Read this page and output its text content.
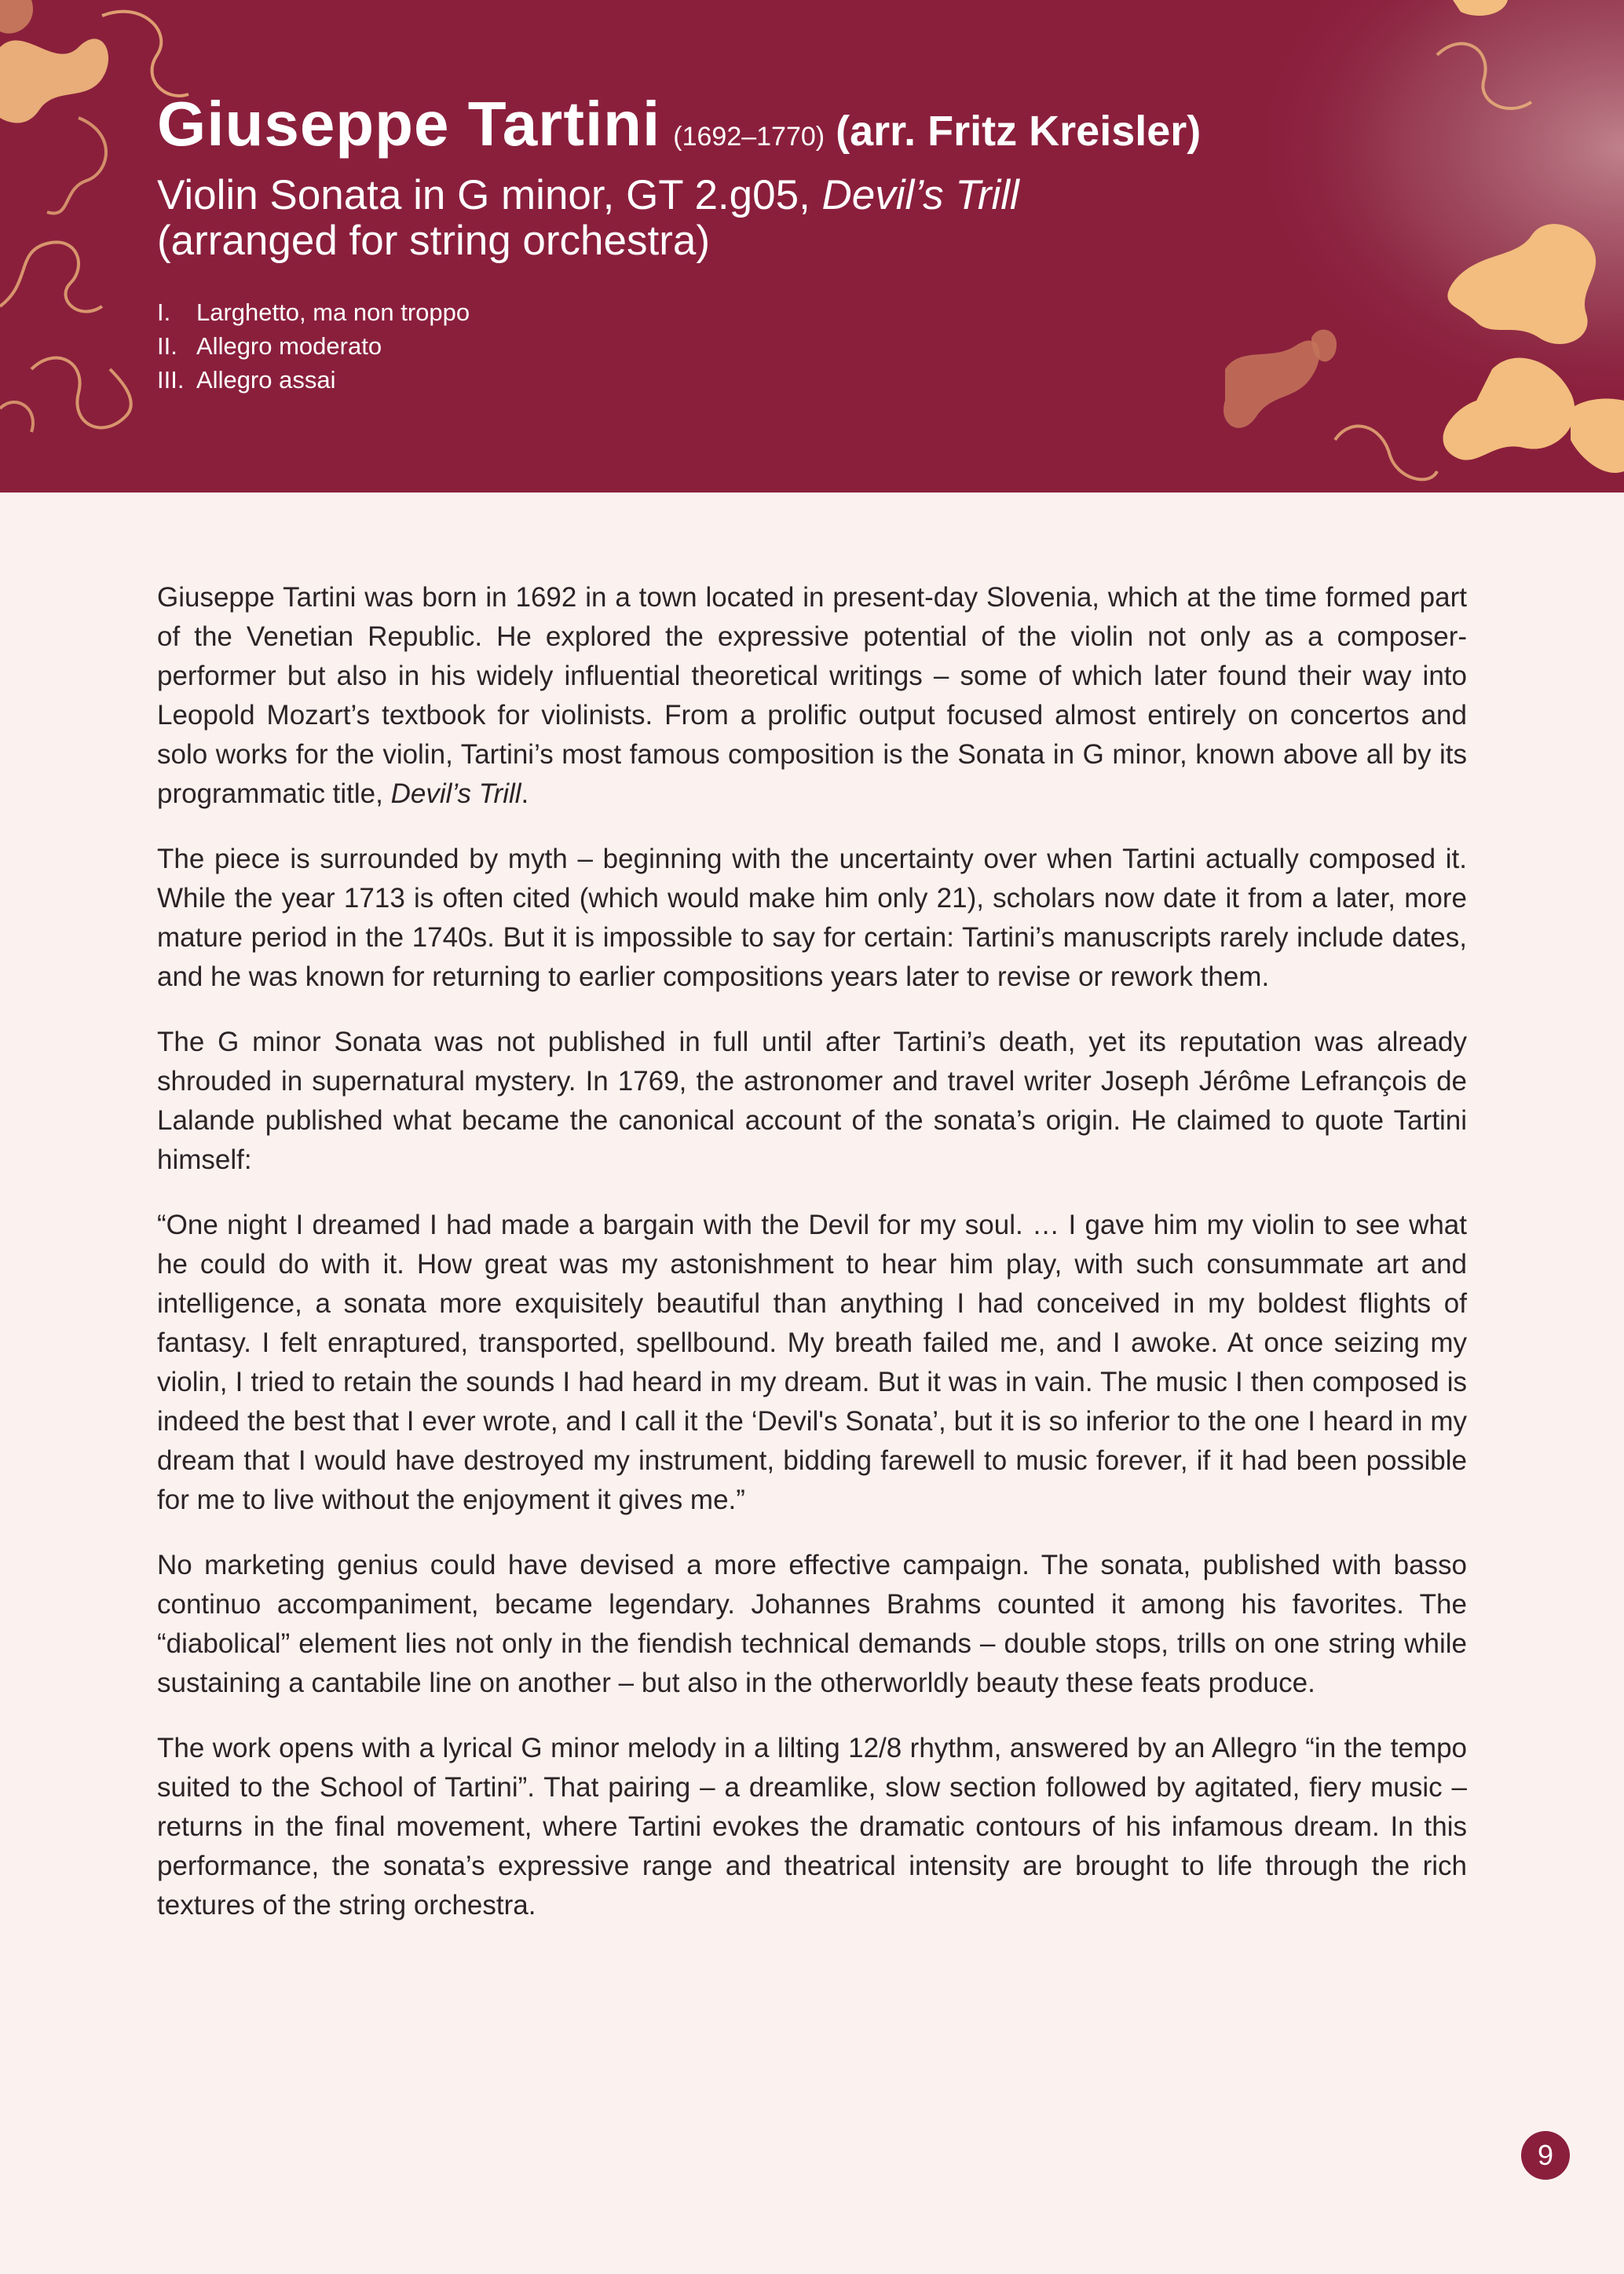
Giuseppe Tartini (1692–1770) (arr. Fritz Kreisler)
Violin Sonata in G minor, GT 2.g05, Devil’s Trill
(arranged for string orchestra)
I.	Larghetto, ma non troppo
II. Allegro moderato
III. Allegro assai

Giuseppe Tartini was born in 1692 in a town located in present-day Slovenia, which at the time formed part of the Venetian Republic. He explored the expressive potential of the violin not only as a composer-performer but also in his widely influential theoretical writings – some of which later found their way into Leopold Mozart’s textbook for violinists. From a prolific output focused almost entirely on concertos and solo works for the violin, Tartini’s most famous composition is the Sonata in G minor, known above all by its programmatic title, Devil’s Trill.

The piece is surrounded by myth – beginning with the uncertainty over when Tartini actually composed it. While the year 1713 is often cited (which would make him only 21), scholars now date it from a later, more mature period in the 1740s. But it is impossible to say for certain: Tartini’s manuscripts rarely include dates, and he was known for returning to earlier compositions years later to revise or rework them.

The G minor Sonata was not published in full until after Tartini’s death, yet its reputation was already shrouded in supernatural mystery. In 1769, the astronomer and travel writer Joseph Jérôme Lefrançois de Lalande published what became the canonical account of the sonata’s origin. He claimed to quote Tartini himself:

“One night I dreamed I had made a bargain with the Devil for my soul. … I gave him my violin to see what he could do with it. How great was my astonishment to hear him play, with such consummate art and intelligence, a sonata more exquisitely beautiful than anything I had conceived in my boldest flights of fantasy. I felt enraptured, transported, spellbound. My breath failed me, and I awoke. At once seizing my violin, I tried to retain the sounds I had heard in my dream. But it was in vain. The music I then composed is indeed the best that I ever wrote, and I call it the ‘Devil's Sonata’, but it is so inferior to the one I heard in my dream that I would have destroyed my instrument, bidding farewell to music forever, if it had been possible for me to live without the enjoyment it gives me.”

No marketing genius could have devised a more effective campaign. The sonata, published with basso continuo accompaniment, became legendary. Johannes Brahms counted it among his favorites. The “diabolical” element lies not only in the fiendish technical demands – double stops, trills on one string while sustaining a cantabile line on another – but also in the otherworldly beauty these feats produce.

The work opens with a lyrical G minor melody in a lilting 12/8 rhythm, answered by an Allegro “in the tempo suited to the School of Tartini”. That pairing – a dreamlike, slow section followed by agitated, fiery music – returns in the final movement, where Tartini evokes the dramatic contours of his infamous dream. In this performance, the sonata’s expressive range and theatrical intensity are brought to life through the rich textures of the string orchestra.

9
